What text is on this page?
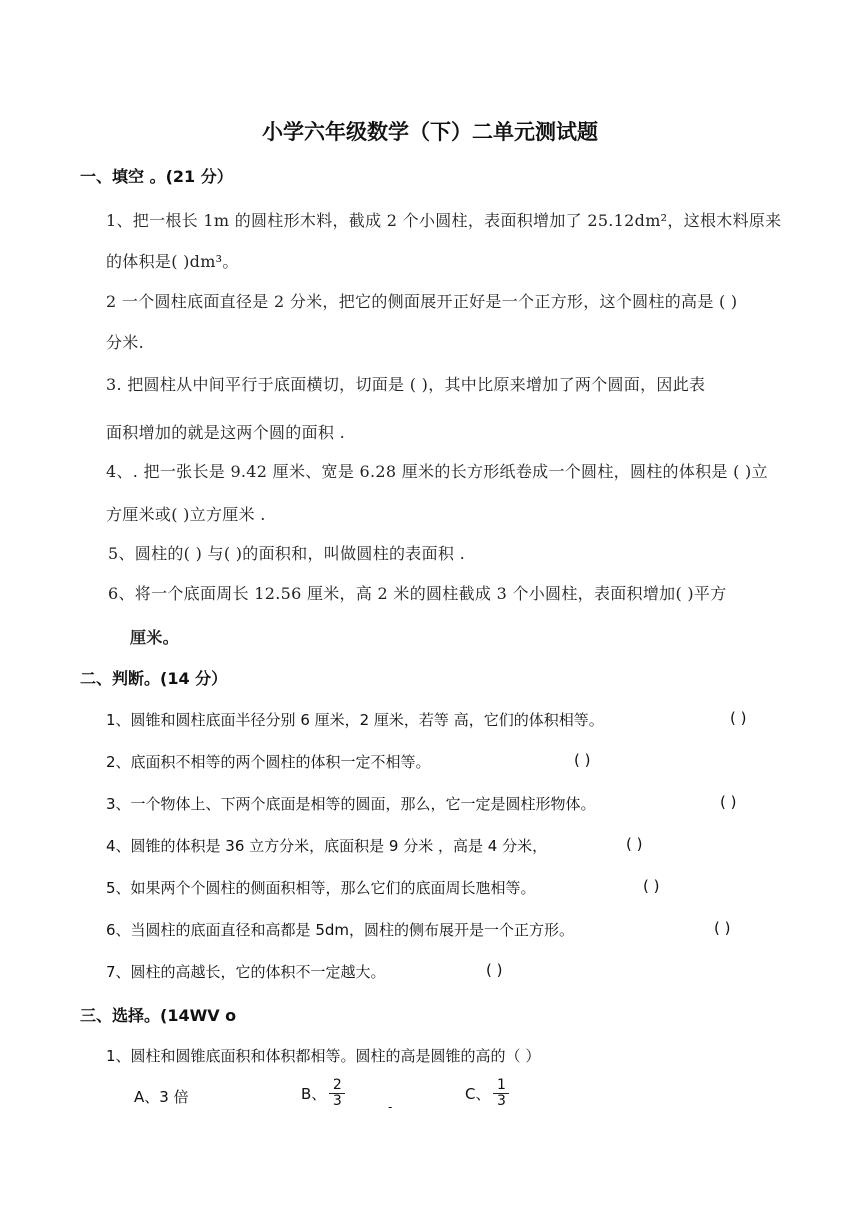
小学六年级数学（下）二单元测试题
一、填空 。(21 分）
1、把一根长 1m 的圆柱形木料，截成 2 个小圆柱，表面积增加了 25.12dm²，这根木料原来
的体积是( )dm³。
2 一个圆柱底面直径是 2 分米，把它的侧面展开正好是一个正方形，这个圆柱的高是 ( )
分米.
3. 把圆柱从中间平行于底面横切，切面是 ( )，其中比原来增加了两个圆面，因此表
面积增加的就是这两个圆的面积 .
4、. 把一张长是 9.42 厘米、宽是 6.28 厘米的长方形纸卷成一个圆柱，圆柱的体积是 ( )立
方厘米或( )立方厘米 .
5、圆柱的( ) 与( )的面积和，叫做圆柱的表面积 .
6、将一个底面周长 12.56 厘米，高 2 米的圆柱截成 3 个小圆柱，表面积增加( )平方
厘米。
二、判断。(14 分）
1、圆锥和圆柱底面半径分别 6 厘米，2 厘米，若等 高，它们的体积相等。	( )
2、底面积不相等的两个圆柱的体积一定不相等。	( )
3、一个物体上、下两个底面是相等的圆面，那么，它一定是圆柱形物体。	( )
4、圆锥的体积是 36 立方分米，底面积是 9 分米 ，高是 4 分米，	( )
5、如果两个个圆柱的侧面积相等，那么它们的底面周长虺相等。	( )
6、当圆柱的底面直径和高都是 5dm，圆柱的侧布展开是一个正方形。	( )
7、圆柱的高越长，它的体积不一定越大。	( )
三、选择。(14WV o
1、圆柱和圆锥底面积和体积都相等。圆柱的高是圆锥的高的（ ）
A、3 倍	B、 $\frac{2}{3}$	-
C、 $\frac{1}{3}$
